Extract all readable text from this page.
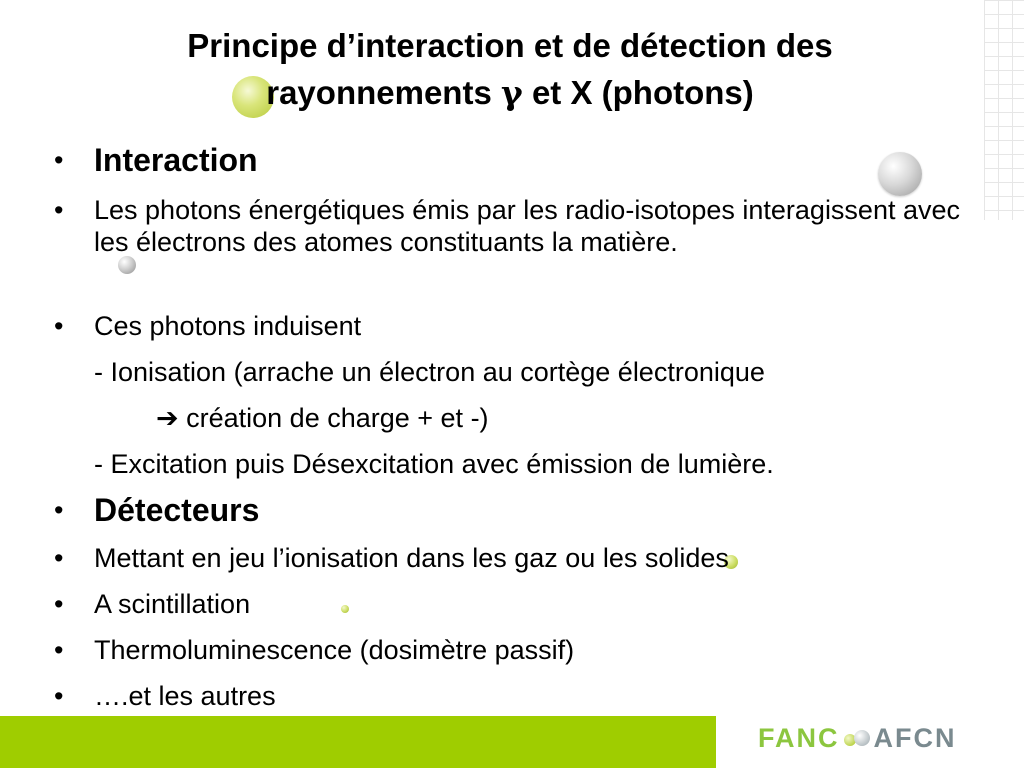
Principe d’interaction et de détection des
rayonnements γ et X (photons)
• Interaction
• Les photons énergétiques émis par les radio-isotopes interagissent avec les électrons des atomes constituants la matière.
• Ces photons induisent
- Ionisation (arrache un électron au cortège électronique
➔ création de charge + et -)
- Excitation puis Désexcitation avec émission de lumière.
• Détecteurs
• Mettant en jeu l’ionisation dans les gaz ou les solides
• A scintillation
• Thermoluminescence (dosimètre passif)
• ….et les autres
FANC AFCN
